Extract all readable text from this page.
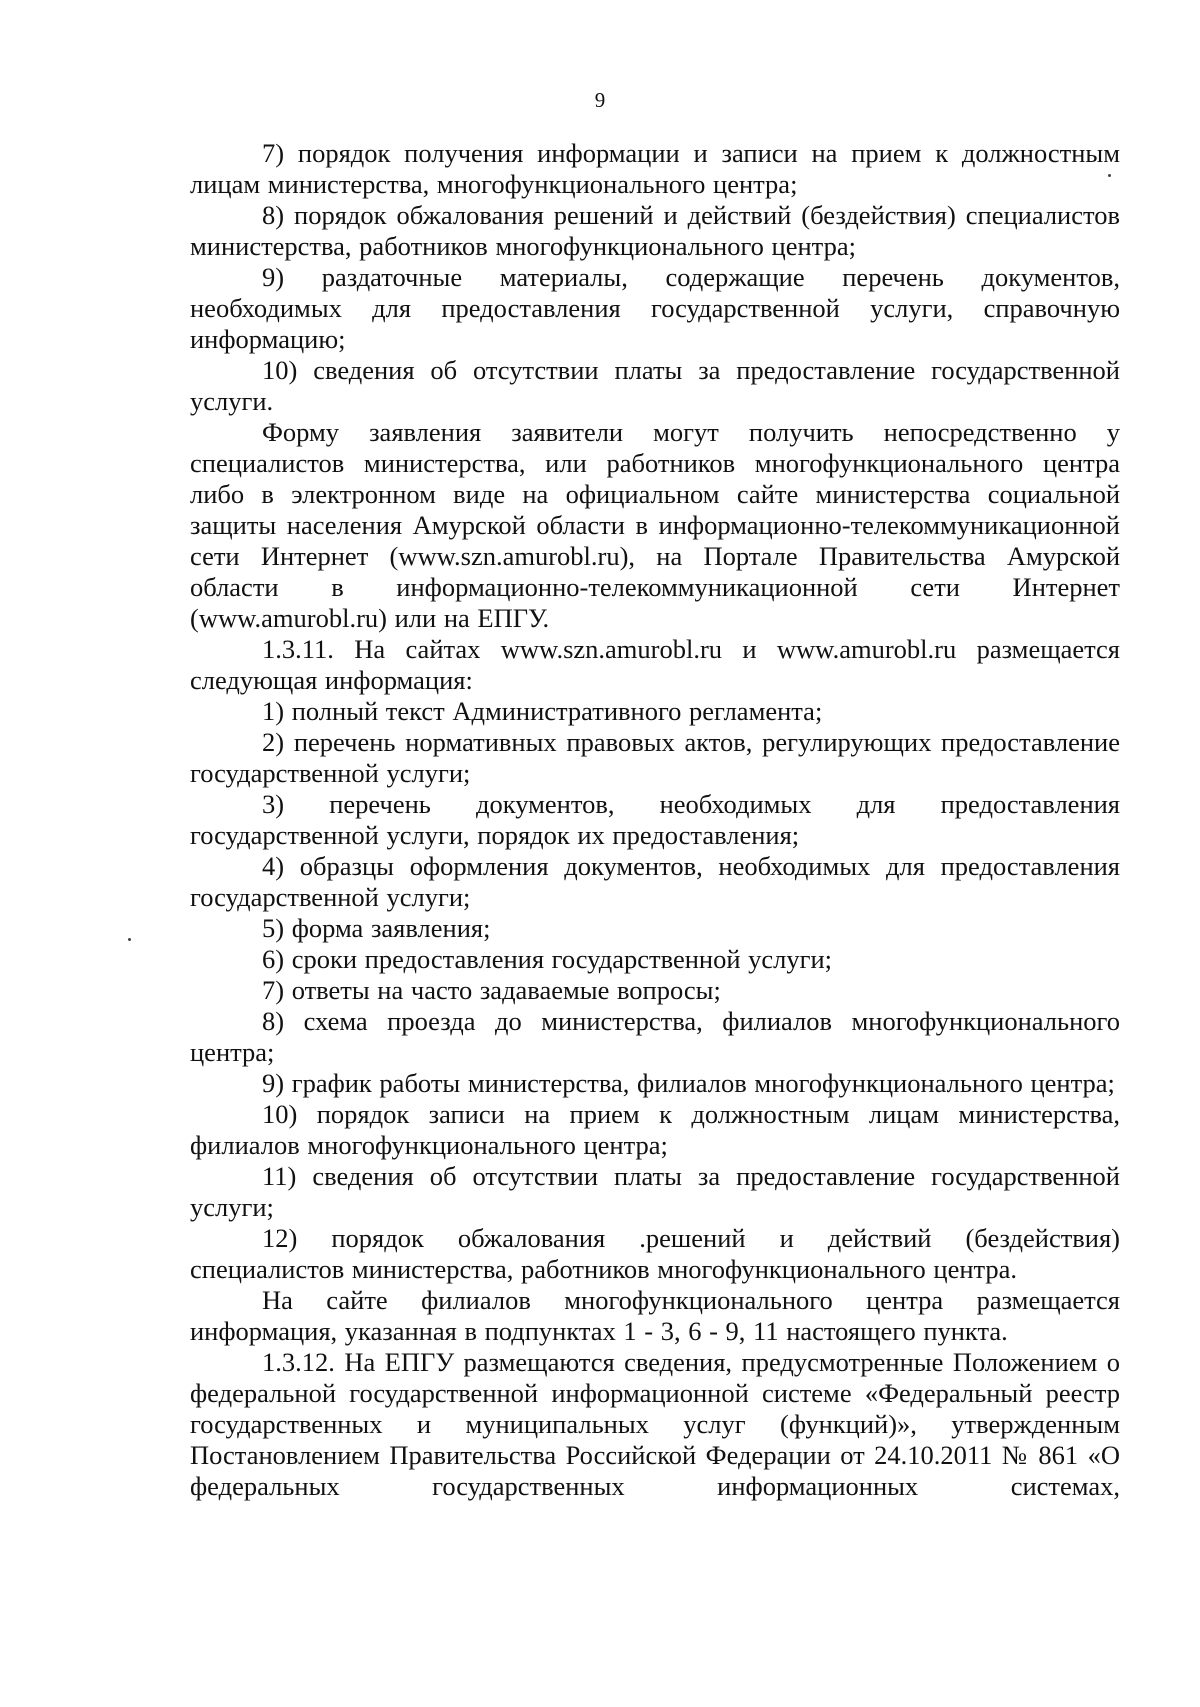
9

7) порядок получения информации и записи на прием к должностным лицам министерства, многофункционального центра;

8) порядок обжалования решений и действий (бездействия) специалистов министерства, работников многофункционального центра;

9) раздаточные материалы, содержащие перечень документов, необходимых для предоставления государственной услуги, справочную информацию;

10) сведения об отсутствии платы за предоставление государственной услуги.

Форму заявления заявители могут получить непосредственно у специалистов министерства, или работников многофункционального центра либо в электронном виде на официальном сайте министерства социальной защиты населения Амурской области в информационно-телекоммуникационной сети Интернет (www.szn.amurobl.ru), на Портале Правительства Амурской области в информационно-телекоммуникационной сети Интернет (www.amurobl.ru) или на ЕПГУ.

1.3.11. На сайтах www.szn.amurobl.ru и www.amurobl.ru размещается следующая информация:

1) полный текст Административного регламента;

2) перечень нормативных правовых актов, регулирующих предоставление государственной услуги;

3) перечень документов, необходимых для предоставления государственной услуги, порядок их предоставления;

4) образцы оформления документов, необходимых для предоставления государственной услуги;

5) форма заявления;

6) сроки предоставления государственной услуги;

7) ответы на часто задаваемые вопросы;

8) схема проезда до министерства, филиалов многофункционального центра;

9) график работы министерства, филиалов многофункционального центра;

10) порядок записи на прием к должностным лицам министерства, филиалов многофункционального центра;

11) сведения об отсутствии платы за предоставление государственной услуги;

12) порядок обжалования .решений и действий (бездействия) специалистов министерства, работников многофункционального центра.

На сайте филиалов многофункционального центра размещается информация, указанная в подпунктах 1 - 3, 6 - 9, 11 настоящего пункта.

1.3.12. На ЕПГУ размещаются сведения, предусмотренные Положением о федеральной государственной информационной системе «Федеральный реестр государственных и муниципальных услуг (функций)», утвержденным Постановлением Правительства Российской Федерации от 24.10.2011 № 861 «О федеральных государственных информационных системах,
